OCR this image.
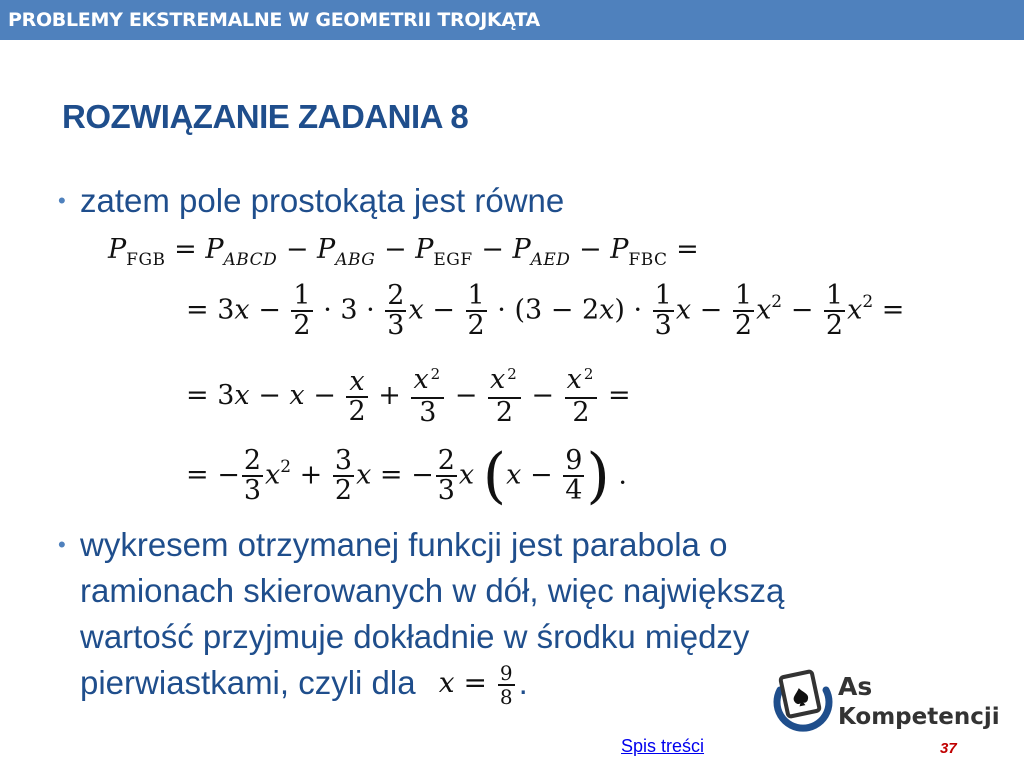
PROBLEMY EKSTREMALNE W GEOMETRII TROJKĄTA
ROZWIĄZANIE ZADANIA 8
• zatem pole prostokąta jest równe
$P_{FGB} = P_{ABCD} - P_{ABG} - P_{EGF} - P_{AED} - P_{FBC}$ =
= $3x - \frac{1}{2} \cdot 3 \cdot \frac{2}{3}$ $x - \frac{1}{2} \cdot (3 - 2x) \cdot \frac{1}{3}$ $x - \frac{1}{2} x^2 - \frac{1}{2} x^2$ =
= $3x - x - \frac{x}{2} + \frac{x ^2}{3} - \frac{x ^2}{2} - \frac{x ^2}{2}$ =
= − $\frac{2}{3} x^2 + \frac{3}{2}$ x = − $\frac{2}{3}$ x ($x - \frac{9}{4}$ ) .
• wykresem otrzymanej funkcji jest parabola o
ramionach skierowanych w dół, więc największą
wartość przyjmuje dokładnie w środku między
pierwiastkami, czyli dla $x = \frac{9}{8}$ .
Spis treści	37
As
Kompetencji
